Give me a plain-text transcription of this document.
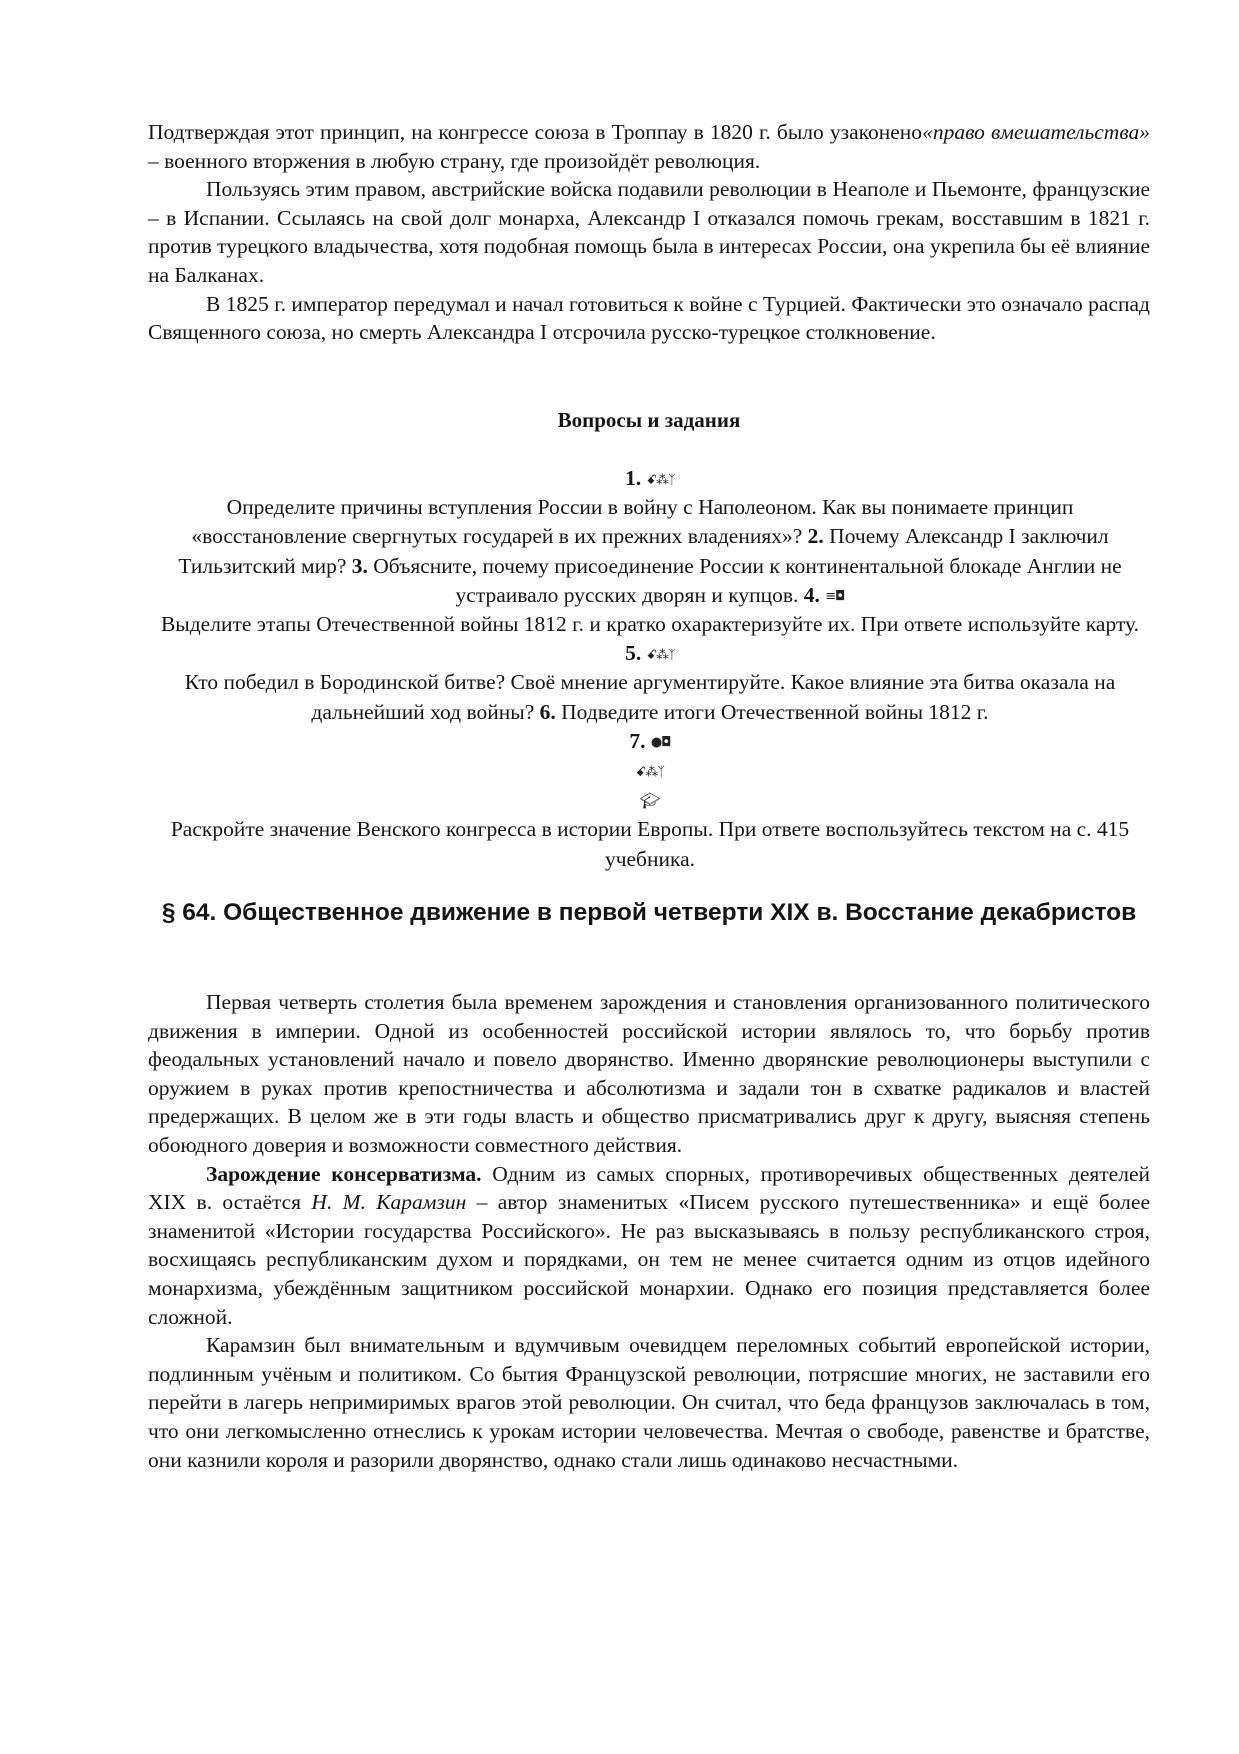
Подтверждая этот принцип, на конгрессе союза в Троппау в 1820 г. было узаконено«право вмешательства» – военного вторжения в любую страну, где произойдёт революция.

Пользуясь этим правом, австрийские войска подавили революции в Неаполе и Пьемонте, французские – в Испании. Ссылаясь на свой долг монарха, Александр I отказался помочь грекам, восставшим в 1821 г. против турецкого владычества, хотя подобная помощь была в интересах России, она укрепила бы её влияние на Балканах.

В 1825 г. император передумал и начал готовиться к войне с Турцией. Фактически это означало распад Священного союза, но смерть Александра I отсрочила русско-турецкое столкновение.

Вопросы и задания

1. ꗃ⁂ᛉ
Определите причины вступления России в войну с Наполеоном. Как вы понимаете принцип «восстановление свергнутых государей в их прежних владениях»? 2. Почему Александр I заключил Тильзитский мир? 3. Объясните, почему присоединение России к континентальной блокаде Англии не устраивало русских дворян и купцов. 4. ≡◘
Выделите этапы Отечественной войны 1812 г. и кратко охарактеризуйте их. При ответе используйте карту. 5. ꗃ⁂ᛉ
Кто победил в Бородинской битве? Своё мнение аргументируйте. Какое влияние эта битва оказала на дальнейший ход войны? 6. Подведите итоги Отечественной войны 1812 г.
7. ●◘
ꗃ⁂ᛉ
🎓︎
Раскройте значение Венского конгресса в истории Европы. При ответе воспользуйтесь текстом на с. 415 учебника.
§ 64. Общественное движение в первой четверти XIX в. Восстание декабристов

Первая четверть столетия была временем зарождения и становления организованного политического движения в империи. Одной из особенностей российской истории являлось то, что борьбу против феодальных установлений начало и повело дворянство. Именно дворянские революционеры выступили с оружием в руках против крепостничества и абсолютизма и задали тон в схватке радикалов и властей предержащих. В целом же в эти годы власть и общество присматривались друг к другу, выясняя степень обоюдного доверия и возможности совместного действия.

Зарождение консерватизма. Одним из самых спорных, противоречивых общественных деятелей XIX в. остаётся Н. М. Карамзин – автор знаменитых «Писем русского путешественника» и ещё более знаменитой «Истории государства Российского». Не раз высказываясь в пользу республиканского строя, восхищаясь республиканским духом и порядками, он тем не менее считается одним из отцов идейного монархизма, убеждённым защитником российской монархии. Однако его позиция представляется более сложной.

Карамзин был внимательным и вдумчивым очевидцем переломных событий европейской истории, подлинным учёным и политиком. Со бытия Французской революции, потрясшие многих, не заставили его перейти в лагерь непримиримых врагов этой революции. Он считал, что беда французов заключалась в том, что они легкомысленно отнеслись к урокам истории человечества. Мечтая о свободе, равенстве и братстве, они казнили короля и разорили дворянство, однако стали лишь одинаково несчастными.
